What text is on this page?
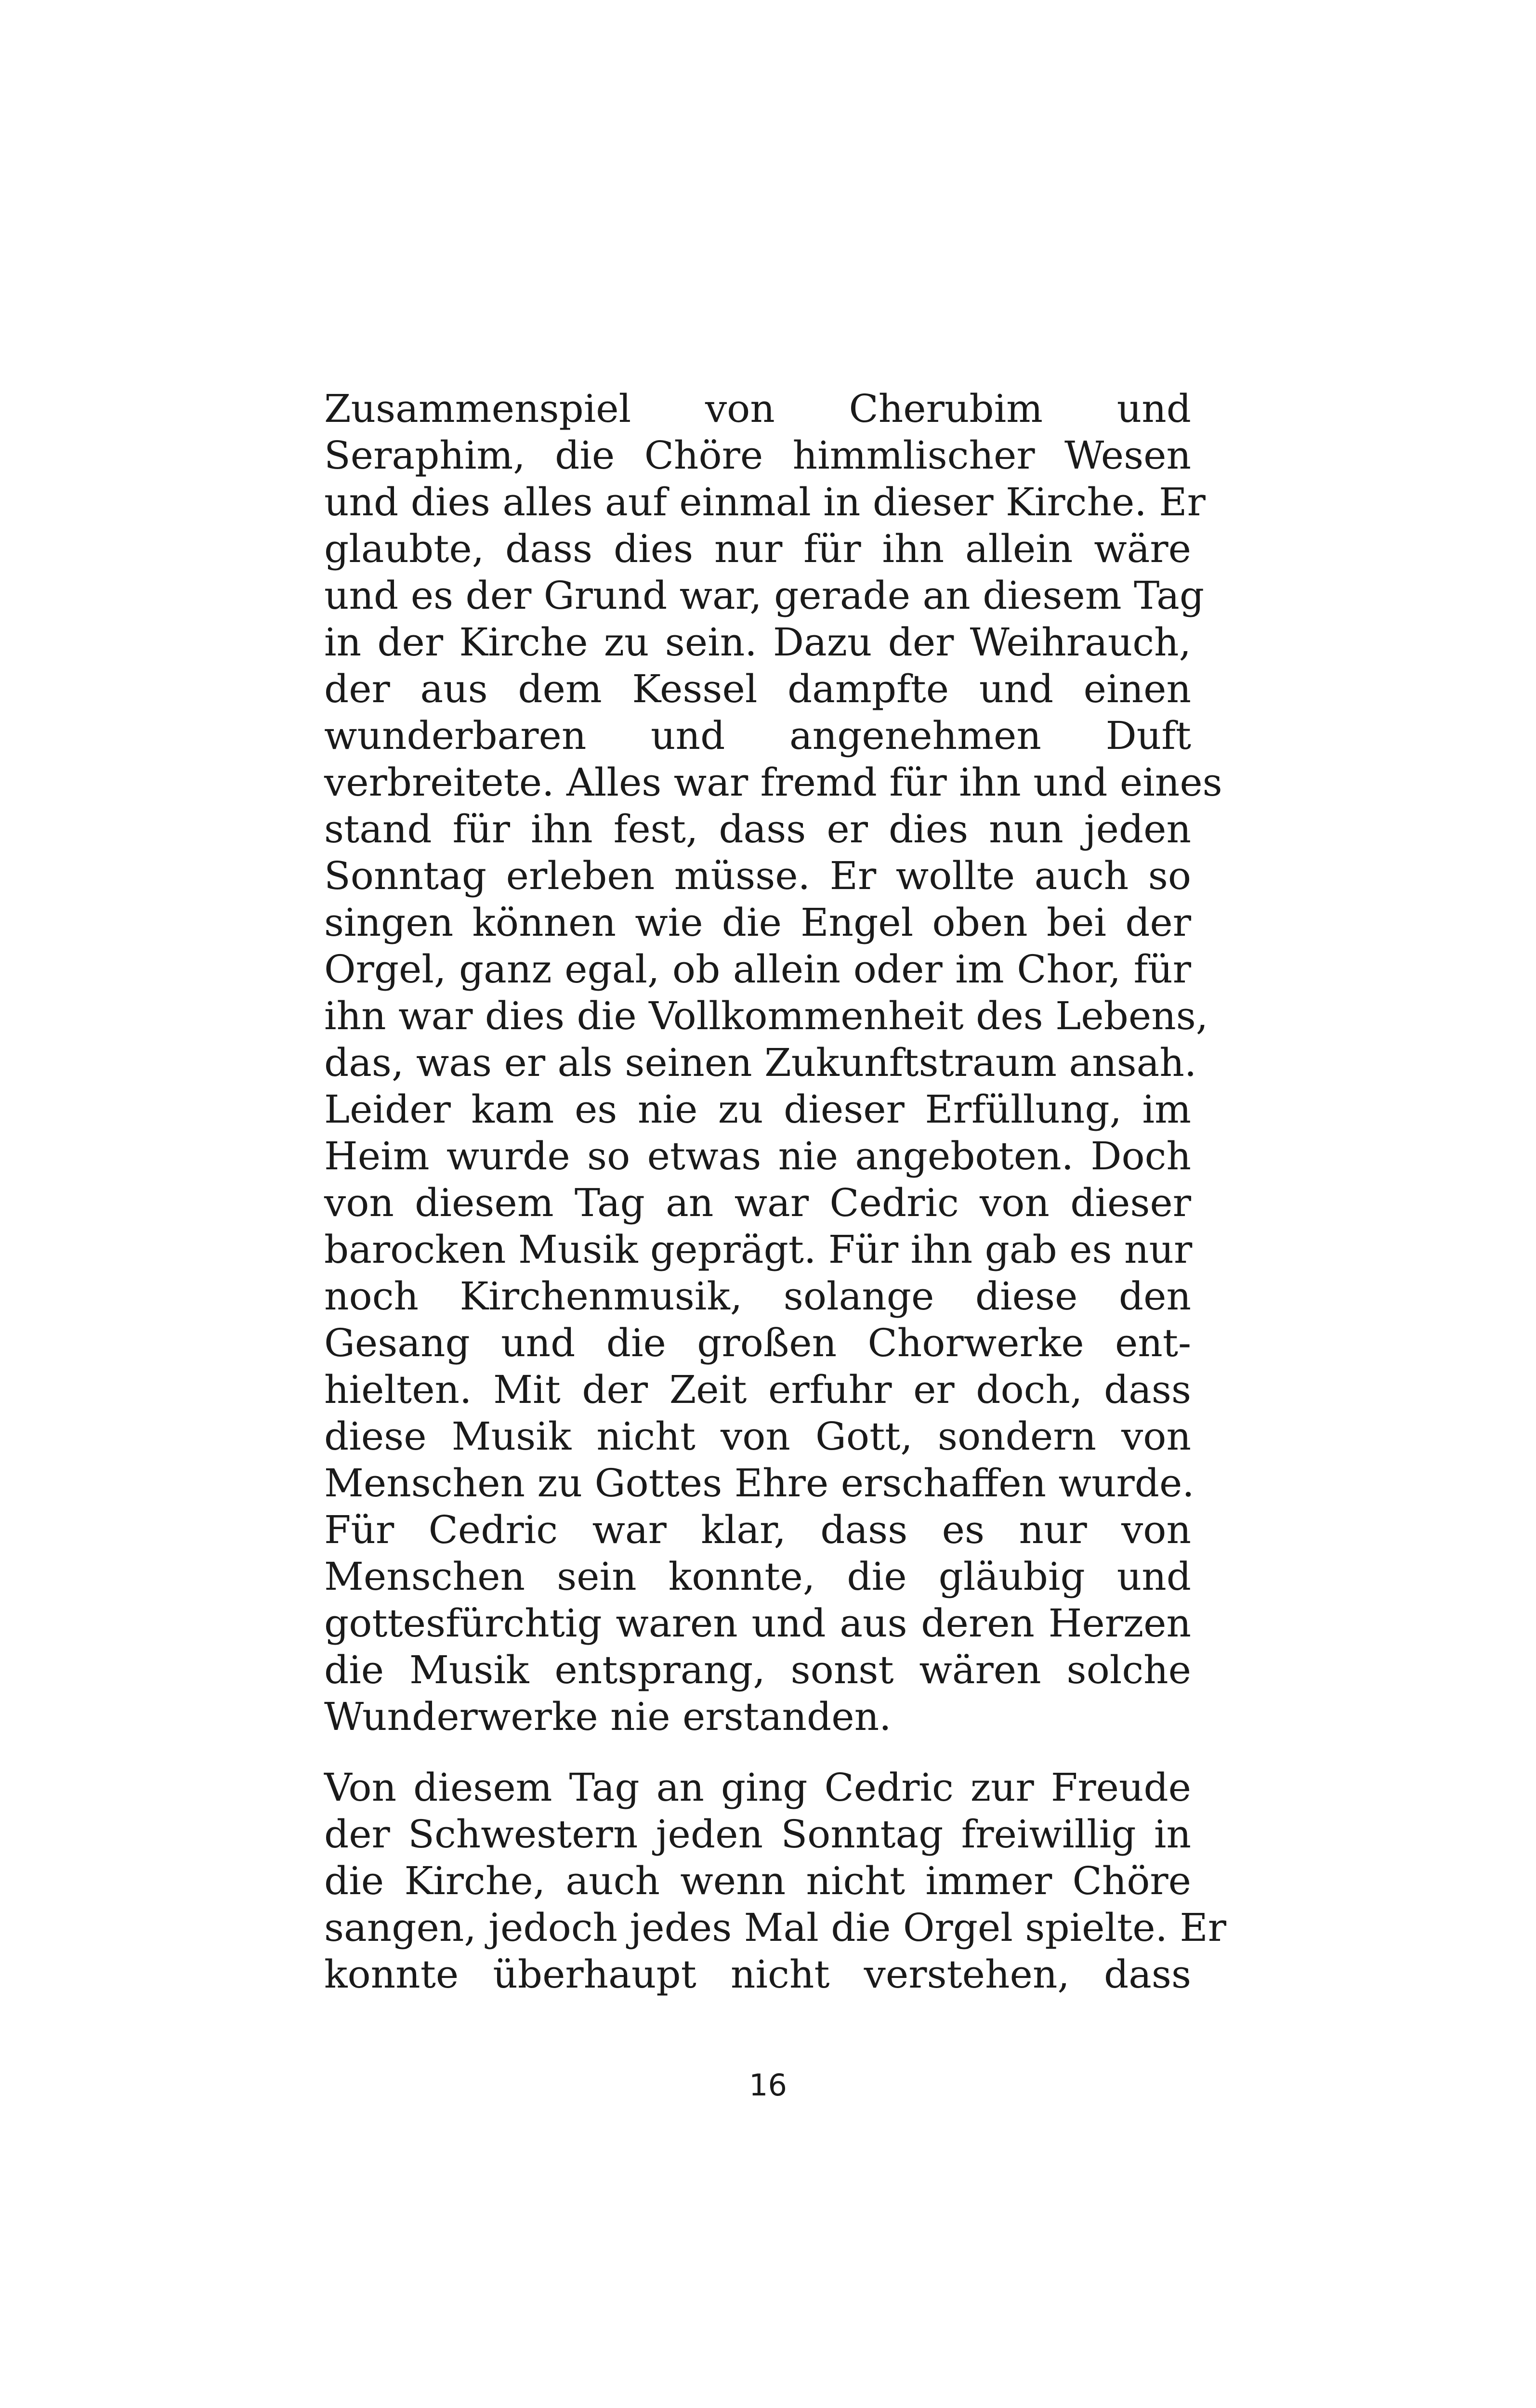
Zusammenspiel von Cherubim und
Seraphim, die Chöre himmlischer Wesen
und dies alles auf einmal in dieser Kirche. Er
glaubte, dass dies nur für ihn allein wäre
und es der Grund war, gerade an diesem Tag
in der Kirche zu sein. Dazu der Weihrauch,
der aus dem Kessel dampfte und einen
wunderbaren und angenehmen Duft
verbreitete. Alles war fremd für ihn und eines
stand für ihn fest, dass er dies nun jeden
Sonntag erleben müsse. Er wollte auch so
singen können wie die Engel oben bei der
Orgel, ganz egal, ob allein oder im Chor, für
ihn war dies die Vollkommenheit des Lebens,
das, was er als seinen Zukunftstraum ansah.
Leider kam es nie zu dieser Erfüllung, im
Heim wurde so etwas nie angeboten. Doch
von diesem Tag an war Cedric von dieser
barocken Musik geprägt. Für ihn gab es nur
noch Kirchenmusik, solange diese den
Gesang und die großen Chorwerke ent-
hielten. Mit der Zeit erfuhr er doch, dass
diese Musik nicht von Gott, sondern von
Menschen zu Gottes Ehre erschaffen wurde.
Für Cedric war klar, dass es nur von
Menschen sein konnte, die gläubig und
gottesfürchtig waren und aus deren Herzen
die Musik entsprang, sonst wären solche
Wunderwerke nie erstanden.
Von diesem Tag an ging Cedric zur Freude
der Schwestern jeden Sonntag freiwillig in
die Kirche, auch wenn nicht immer Chöre
sangen, jedoch jedes Mal die Orgel spielte. Er
konnte überhaupt nicht verstehen, dass
16
